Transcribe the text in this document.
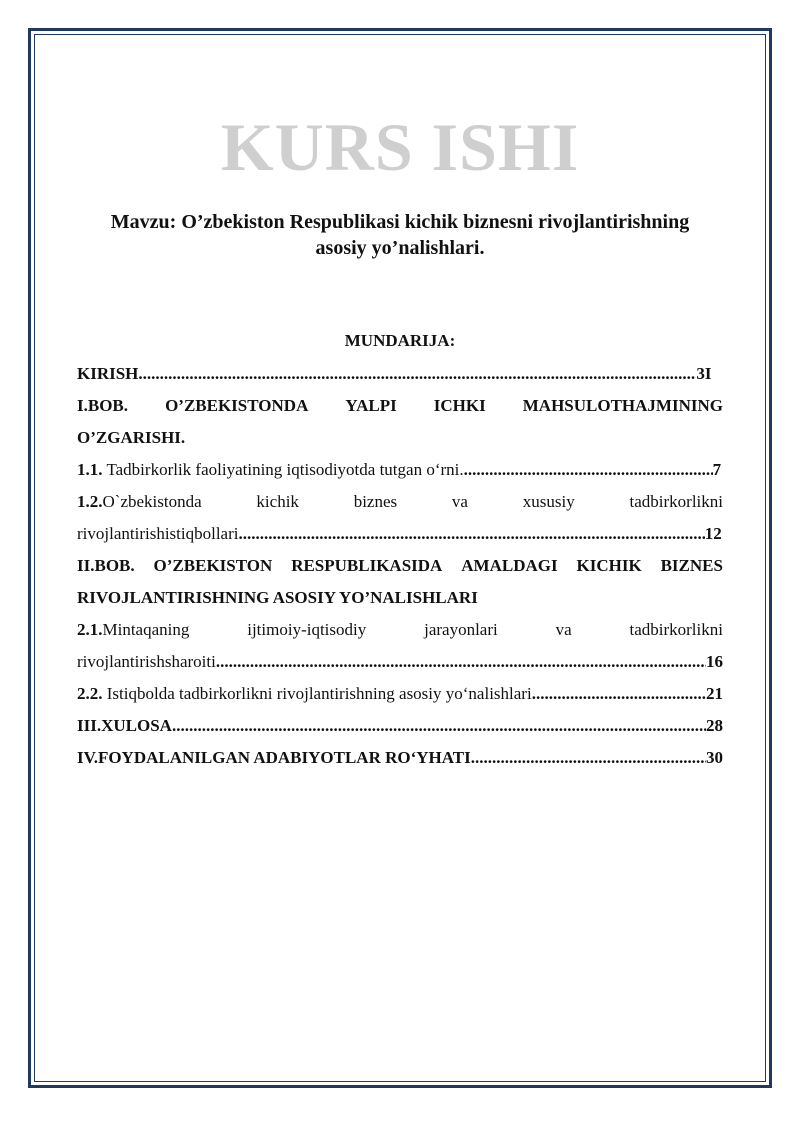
KURS ISHI
Mavzu: O’zbekiston Respublikasi kichik biznesni rivojlantirishning
asosiy yo’nalishlari.
MUNDARIJA:
KIRISH .....	3I
I.BOB. O’ZBEKISTONDA YALPI ICHKI MAHSULOTHAJMINING
O’ZGARISHI.
1.1. Tadbirkorlik faoliyatining iqtisodiyotda tutgan o‘rni. .....	7
1.2.O`zbekistonda	kichik	biznes	va	xususiy	tadbirkorlikni
rivojlantirishistiqbollari .....	12
II.BOB. O’ZBEKISTON RESPUBLIKASIDA AMALDAGI KICHIK BIZNES
RIVOJLANTIRISHNING ASOSIY YO’NALISHLARI
2.1.Mintaqaning	ijtimoiy-iqtisodiy	jarayonlari	va	tadbirkorlikni
rivojlantirishsharoiti .....	16
2.2. Istiqbolda tadbirkorlikni rivojlantirishning asosiy yo‘nalishlari .....	21
III.XULOSA .....	28
IV.FOYDALANILGAN ADABIYOTLAR RO‘YHATI .....	30
